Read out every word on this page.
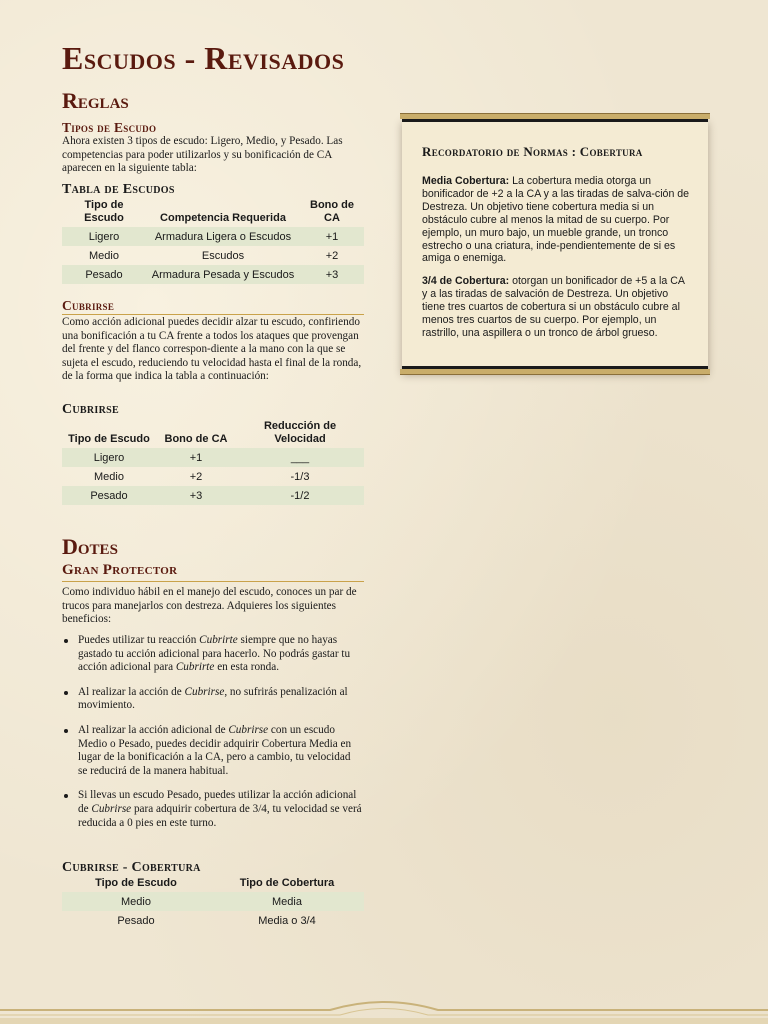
Escudos - Revisados
Reglas
Tipos de Escudo

Ahora existen 3 tipos de escudo: Ligero, Medio, y Pesado. Las competencias para poder utilizarlos y su bonificación de CA aparecen en la siguiente tabla:

Tabla de Escudos
Tipo de Escudo	Competencia Requerida	Bono de CA
Ligero	Armadura Ligera o Escudos	+1
Medio	Escudos	+2
Pesado	Armadura Pesada y Escudos	+3
Cubrirse

Como acción adicional puedes decidir alzar tu escudo, confiriendo una bonificación a tu CA frente a todos los ataques que provengan del frente y del flanco correspon-diente a la mano con la que se sujeta el escudo, reduciendo tu velocidad hasta el final de la ronda, de la forma que indica la tabla a continuación:

Cubrirse
Tipo de Escudo	Bono de CA	Reducción de Velocidad
Ligero	+1	___
Medio	+2	-1/3
Pesado	+3	-1/2

Recordatorio de Normas : Cobertura

Media Cobertura: La cobertura media otorga un bonificador de +2 a la CA y a las tiradas de salva-ción de Destreza. Un objetivo tiene cobertura media si un obstáculo cubre al menos la mitad de su cuerpo. Por ejemplo, un muro bajo, un mueble grande, un tronco estrecho o una criatura, inde-pendientemente de si es amiga o enemiga.

3/4 de Cobertura: otorgan un bonificador de +5 a la CA y a las tiradas de salvación de Destreza. Un objetivo tiene tres cuartos de cobertura si un obstáculo cubre al menos tres cuartos de su cuerpo. Por ejemplo, un rastrillo, una aspillera o un tronco de árbol grueso.

Dotes
Gran Protector

Como individuo hábil en el manejo del escudo, conoces un par de trucos para manejarlos con destreza. Adquieres los siguientes beneficios:

Puedes utilizar tu reacción Cubrirte siempre que no hayas gastado tu acción adicional para hacerlo. No podrás gastar tu acción adicional para Cubrirte en esta ronda.
Al realizar la acción de Cubrirse, no sufrirás penalización al movimiento.
Al realizar la acción adicional de Cubrirse con un escudo Medio o Pesado, puedes decidir adquirir Cobertura Media en lugar de la bonificación a la CA, pero a cambio, tu velocidad se reducirá de la manera habitual.
Si llevas un escudo Pesado, puedes utilizar la acción adicional de Cubrirse para adquirir cobertura de 3/4, tu velocidad se verá reducida a 0 pies en este turno.
Cubrirse - Cobertura
Tipo de Escudo	Tipo de Cobertura
Medio	Media
Pesado	Media o 3/4
